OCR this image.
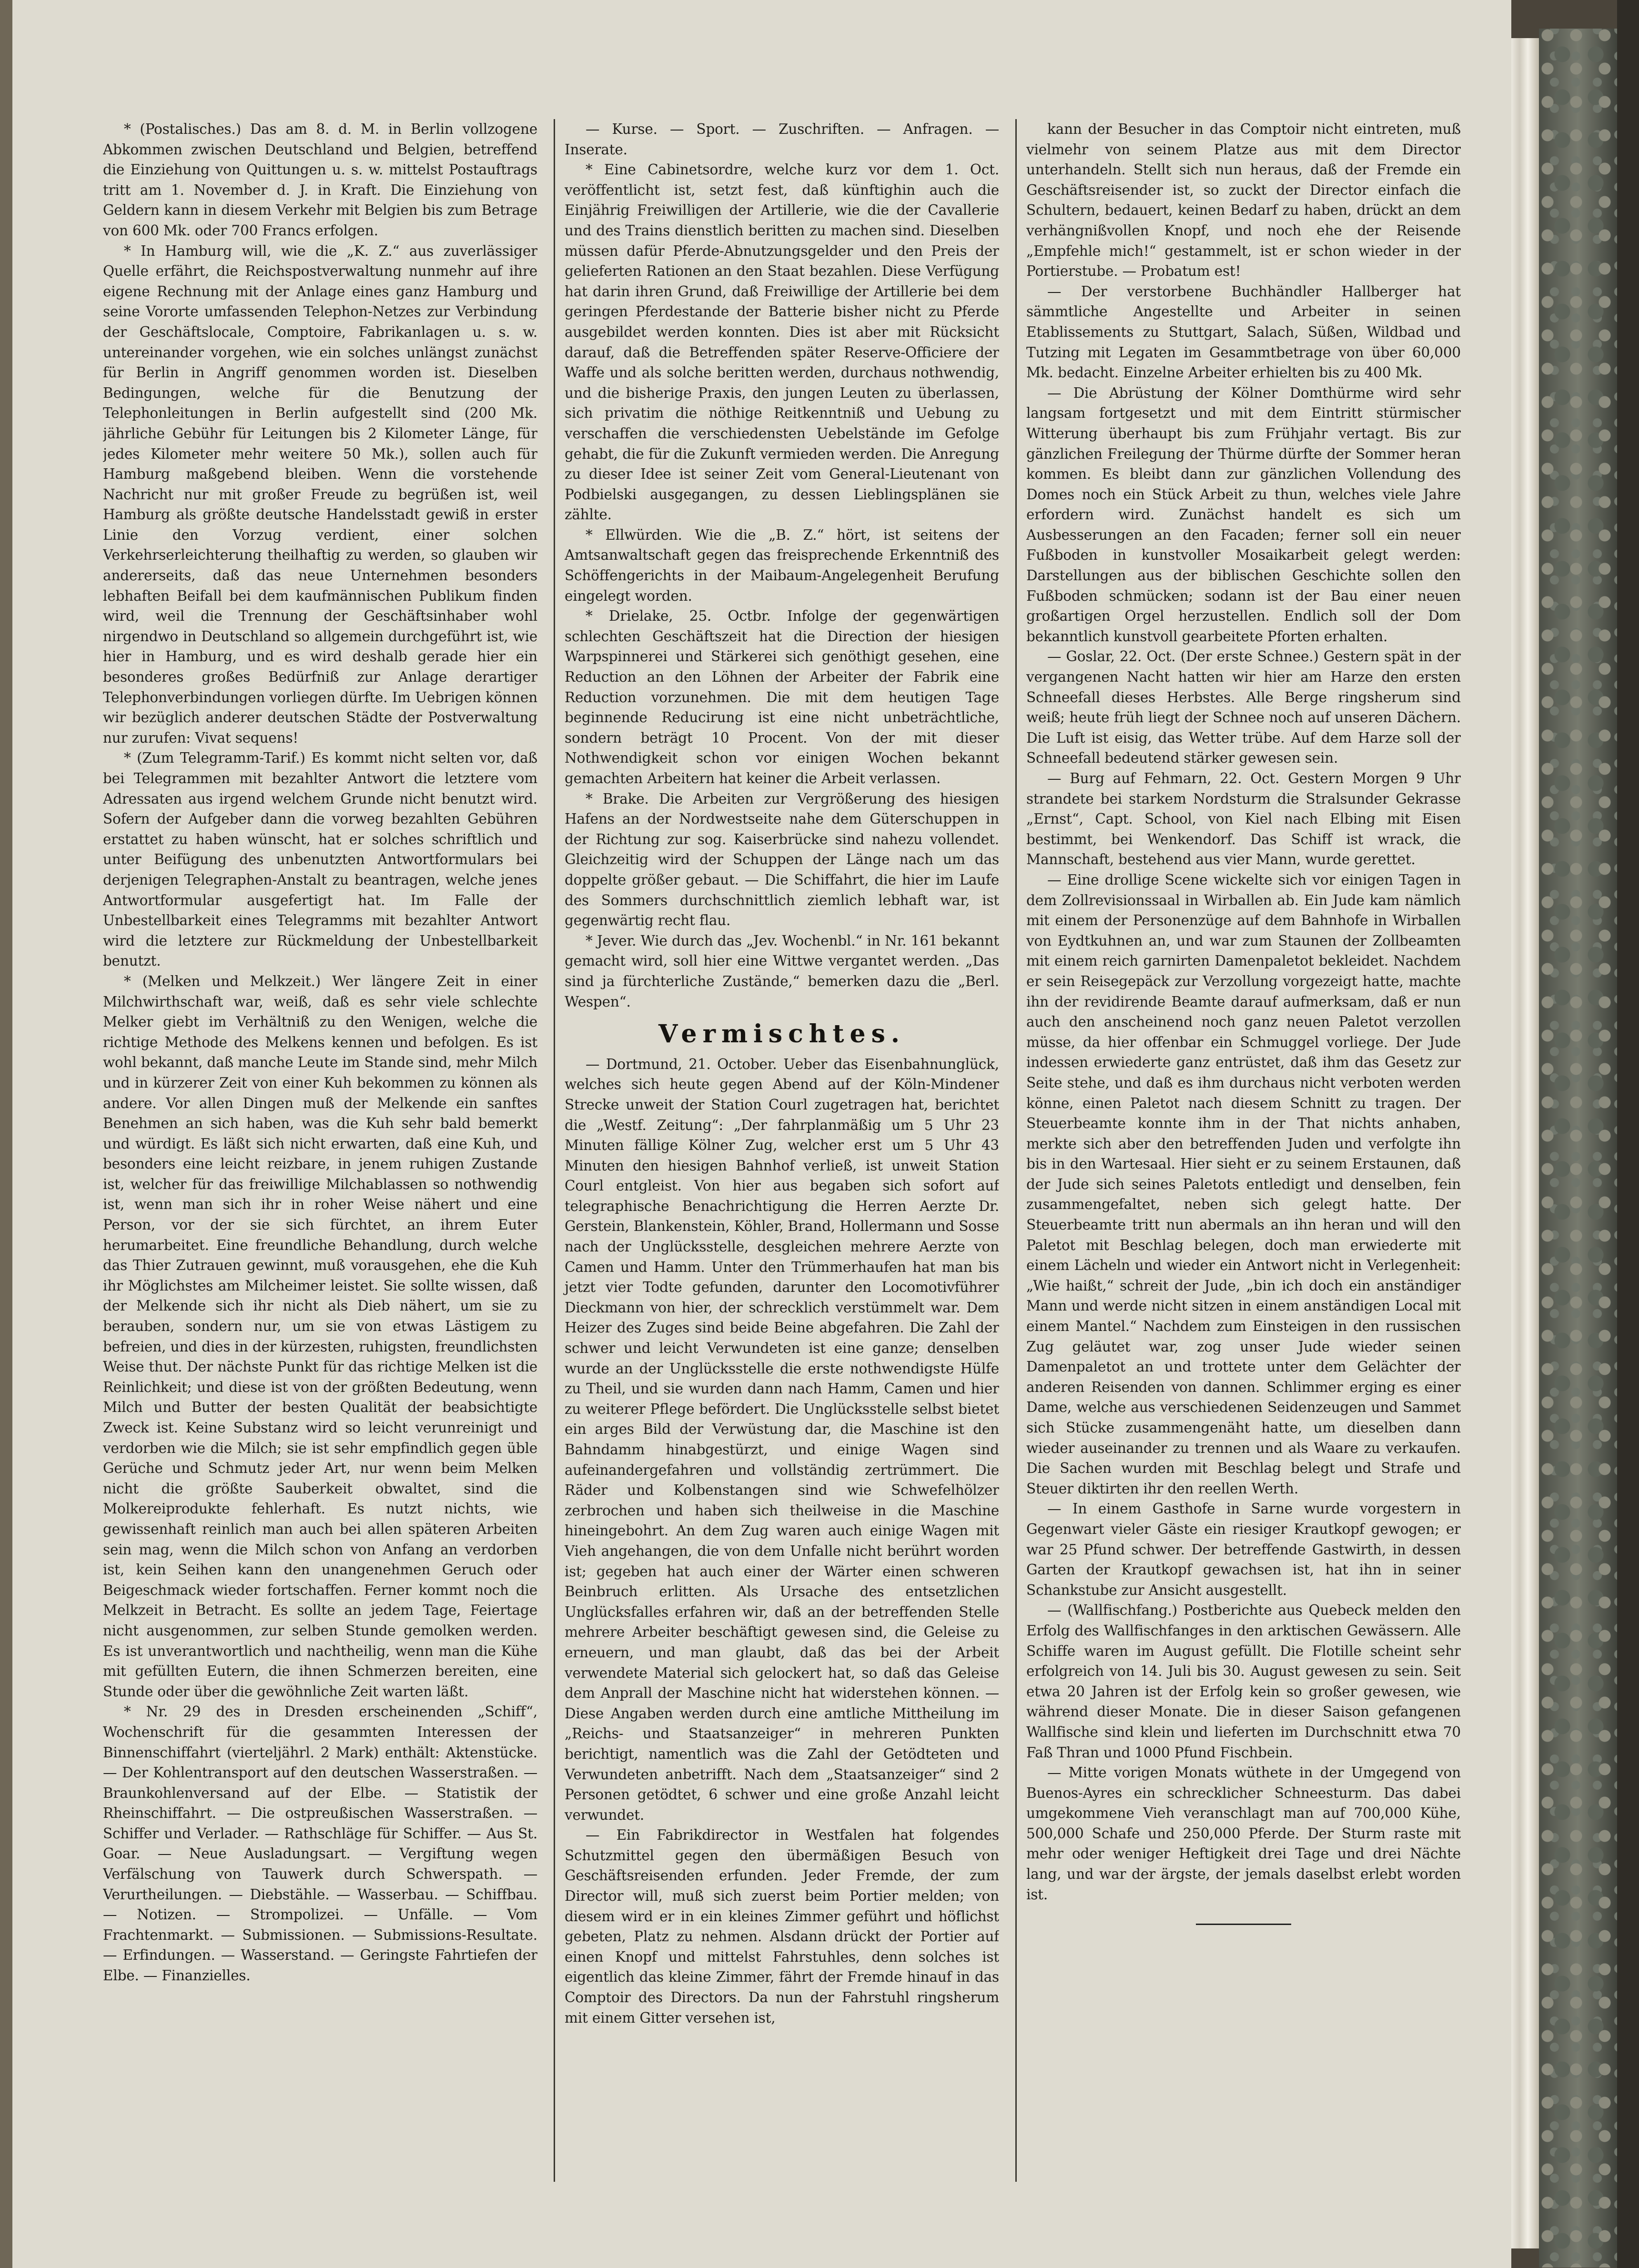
* (Postalisches.) Das am 8. d. M. in Berlin vollzogene Abkommen zwischen Deutschland und Belgien, betreffend die Einziehung von Quittungen u. s. w. mittelst Postauftrags tritt am 1. November d. J. in Kraft. Die Einziehung von Geldern kann in diesem Verkehr mit Belgien bis zum Betrage von 600 Mk. oder 700 Francs erfolgen.

* In Hamburg will, wie die „K. Z.“ aus zuverlässiger Quelle erfährt, die Reichspostverwaltung nunmehr auf ihre eigene Rechnung mit der Anlage eines ganz Hamburg und seine Vororte umfassenden Telephon-Netzes zur Verbindung der Geschäftslocale, Comptoire, Fabrikanlagen u. s. w. untereinander vorgehen, wie ein solches unlängst zunächst für Berlin in Angriff genommen worden ist. Dieselben Bedingungen, welche für die Benutzung der Telephonleitungen in Berlin aufgestellt sind (200 Mk. jährliche Gebühr für Leitungen bis 2 Kilometer Länge, für jedes Kilometer mehr weitere 50 Mk.), sollen auch für Hamburg maßgebend bleiben. Wenn die vorstehende Nachricht nur mit großer Freude zu begrüßen ist, weil Hamburg als größte deutsche Handelsstadt gewiß in erster Linie den Vorzug verdient, einer solchen Verkehrserleichterung theilhaftig zu werden, so glauben wir andererseits, daß das neue Unternehmen besonders lebhaften Beifall bei dem kaufmännischen Publikum finden wird, weil die Trennung der Geschäftsinhaber wohl nirgendwo in Deutschland so allgemein durchgeführt ist, wie hier in Hamburg, und es wird deshalb gerade hier ein besonderes großes Bedürfniß zur Anlage derartiger Telephonverbindungen vorliegen dürfte. Im Uebrigen können wir bezüglich anderer deutschen Städte der Postverwaltung nur zurufen: Vivat sequens!

* (Zum Telegramm-Tarif.) Es kommt nicht selten vor, daß bei Telegrammen mit bezahlter Antwort die letztere vom Adressaten aus irgend welchem Grunde nicht benutzt wird. Sofern der Aufgeber dann die vorweg bezahlten Gebühren erstattet zu haben wünscht, hat er solches schriftlich und unter Beifügung des unbenutzten Antwortformulars bei derjenigen Telegraphen-Anstalt zu beantragen, welche jenes Antwortformular ausgefertigt hat. Im Falle der Unbestellbarkeit eines Telegramms mit bezahlter Antwort wird die letztere zur Rückmeldung der Unbestellbarkeit benutzt.

* (Melken und Melkzeit.) Wer längere Zeit in einer Milchwirthschaft war, weiß, daß es sehr viele schlechte Melker giebt im Verhältniß zu den Wenigen, welche die richtige Methode des Melkens kennen und befolgen. Es ist wohl bekannt, daß manche Leute im Stande sind, mehr Milch und in kürzerer Zeit von einer Kuh bekommen zu können als andere. Vor allen Dingen muß der Melkende ein sanftes Benehmen an sich haben, was die Kuh sehr bald bemerkt und würdigt. Es läßt sich nicht erwarten, daß eine Kuh, und besonders eine leicht reizbare, in jenem ruhigen Zustande ist, welcher für das freiwillige Milchablassen so nothwendig ist, wenn man sich ihr in roher Weise nähert und eine Person, vor der sie sich fürchtet, an ihrem Euter herumarbeitet. Eine freundliche Behandlung, durch welche das Thier Zutrauen gewinnt, muß vorausgehen, ehe die Kuh ihr Möglichstes am Milcheimer leistet. Sie sollte wissen, daß der Melkende sich ihr nicht als Dieb nähert, um sie zu berauben, sondern nur, um sie von etwas Lästigem zu befreien, und dies in der kürzesten, ruhigsten, freundlichsten Weise thut. Der nächste Punkt für das richtige Melken ist die Reinlichkeit; und diese ist von der größten Bedeutung, wenn Milch und Butter der besten Qualität der beabsichtigte Zweck ist. Keine Substanz wird so leicht verunreinigt und verdorben wie die Milch; sie ist sehr empfindlich gegen üble Gerüche und Schmutz jeder Art, nur wenn beim Melken nicht die größte Sauberkeit obwaltet, sind die Molkereiprodukte fehlerhaft. Es nutzt nichts, wie gewissenhaft reinlich man auch bei allen späteren Arbeiten sein mag, wenn die Milch schon von Anfang an verdorben ist, kein Seihen kann den unangenehmen Geruch oder Beigeschmack wieder fortschaffen. Ferner kommt noch die Melkzeit in Betracht. Es sollte an jedem Tage, Feiertage nicht ausgenommen, zur selben Stunde gemolken werden. Es ist unverantwortlich und nachtheilig, wenn man die Kühe mit gefüllten Eutern, die ihnen Schmerzen bereiten, eine Stunde oder über die gewöhnliche Zeit warten läßt.

* Nr. 29 des in Dresden erscheinenden „Schiff“, Wochenschrift für die gesammten Interessen der Binnenschiffahrt (vierteljährl. 2 Mark) enthält: Aktenstücke. — Der Kohlentransport auf den deutschen Wasserstraßen. — Braunkohlenversand auf der Elbe. — Statistik der Rheinschiffahrt. — Die ostpreußischen Wasserstraßen. — Schiffer und Verlader. — Rathschläge für Schiffer. — Aus St. Goar. — Neue Ausladungsart. — Vergiftung wegen Verfälschung von Tauwerk durch Schwerspath. — Verurtheilungen. — Diebstähle. — Wasserbau. — Schiffbau. — Notizen. — Strompolizei. — Unfälle. — Vom Frachtenmarkt. — Submissionen. — Submissions-Resultate. — Erfindungen. — Wasserstand. — Geringste Fahrtiefen der Elbe. — Finanzielles.

— Kurse. — Sport. — Zuschriften. — Anfragen. — Inserate.

* Eine Cabinetsordre, welche kurz vor dem 1. Oct. veröffentlicht ist, setzt fest, daß künftighin auch die Einjährig Freiwilligen der Artillerie, wie die der Cavallerie und des Trains dienstlich beritten zu machen sind. Dieselben müssen dafür Pferde-Abnutzungsgelder und den Preis der gelieferten Rationen an den Staat bezahlen. Diese Verfügung hat darin ihren Grund, daß Freiwillige der Artillerie bei dem geringen Pferdestande der Batterie bisher nicht zu Pferde ausgebildet werden konnten. Dies ist aber mit Rücksicht darauf, daß die Betreffenden später Reserve-Officiere der Waffe und als solche beritten werden, durchaus nothwendig, und die bisherige Praxis, den jungen Leuten zu überlassen, sich privatim die nöthige Reitkenntniß und Uebung zu verschaffen die verschiedensten Uebelstände im Gefolge gehabt, die für die Zukunft vermieden werden. Die Anregung zu dieser Idee ist seiner Zeit vom General-Lieutenant von Podbielski ausgegangen, zu dessen Lieblingsplänen sie zählte.

* Ellwürden. Wie die „B. Z.“ hört, ist seitens der Amtsanwaltschaft gegen das freisprechende Erkenntniß des Schöffengerichts in der Maibaum-Angelegenheit Berufung eingelegt worden.

* Drielake, 25. Octbr. Infolge der gegenwärtigen schlechten Geschäftszeit hat die Direction der hiesigen Warpspinnerei und Stärkerei sich genöthigt gesehen, eine Reduction an den Löhnen der Arbeiter der Fabrik eine Reduction vorzunehmen. Die mit dem heutigen Tage beginnende Reducirung ist eine nicht unbeträchtliche, sondern beträgt 10 Procent. Von der mit dieser Nothwendigkeit schon vor einigen Wochen bekannt gemachten Arbeitern hat keiner die Arbeit verlassen.

* Brake. Die Arbeiten zur Vergrößerung des hiesigen Hafens an der Nordwestseite nahe dem Güterschuppen in der Richtung zur sog. Kaiserbrücke sind nahezu vollendet. Gleichzeitig wird der Schuppen der Länge nach um das doppelte größer gebaut. — Die Schiffahrt, die hier im Laufe des Sommers durchschnittlich ziemlich lebhaft war, ist gegenwärtig recht flau.

* Jever. Wie durch das „Jev. Wochenbl.“ in Nr. 161 bekannt gemacht wird, soll hier eine Wittwe vergantet werden. „Das sind ja fürchterliche Zustände,“ bemerken dazu die „Berl. Wespen“.

Vermischtes.

— Dortmund, 21. October. Ueber das Eisenbahnunglück, welches sich heute gegen Abend auf der Köln-Mindener Strecke unweit der Station Courl zugetragen hat, berichtet die „Westf. Zeitung“: „Der fahrplanmäßig um 5 Uhr 23 Minuten fällige Kölner Zug, welcher erst um 5 Uhr 43 Minuten den hiesigen Bahnhof verließ, ist unweit Station Courl entgleist. Von hier aus begaben sich sofort auf telegraphische Benachrichtigung die Herren Aerzte Dr. Gerstein, Blankenstein, Köhler, Brand, Hollermann und Sosse nach der Unglücksstelle, desgleichen mehrere Aerzte von Camen und Hamm. Unter den Trümmerhaufen hat man bis jetzt vier Todte gefunden, darunter den Locomotivführer Dieckmann von hier, der schrecklich verstümmelt war. Dem Heizer des Zuges sind beide Beine abgefahren. Die Zahl der schwer und leicht Verwundeten ist eine ganze; denselben wurde an der Unglücksstelle die erste nothwendigste Hülfe zu Theil, und sie wurden dann nach Hamm, Camen und hier zu weiterer Pflege befördert. Die Unglücksstelle selbst bietet ein arges Bild der Verwüstung dar, die Maschine ist den Bahndamm hinabgestürzt, und einige Wagen sind aufeinandergefahren und vollständig zertrümmert. Die Räder und Kolbenstangen sind wie Schwefelhölzer zerbrochen und haben sich theilweise in die Maschine hineingebohrt. An dem Zug waren auch einige Wagen mit Vieh angehangen, die von dem Unfalle nicht berührt worden ist; gegeben hat auch einer der Wärter einen schweren Beinbruch erlitten. Als Ursache des entsetzlichen Unglücksfalles erfahren wir, daß an der betreffenden Stelle mehrere Arbeiter beschäftigt gewesen sind, die Geleise zu erneuern, und man glaubt, daß das bei der Arbeit verwendete Material sich gelockert hat, so daß das Geleise dem Anprall der Maschine nicht hat widerstehen können. — Diese Angaben werden durch eine amtliche Mittheilung im „Reichs- und Staatsanzeiger“ in mehreren Punkten berichtigt, namentlich was die Zahl der Getödteten und Verwundeten anbetrifft. Nach dem „Staatsanzeiger“ sind 2 Personen getödtet, 6 schwer und eine große Anzahl leicht verwundet.

— Ein Fabrikdirector in Westfalen hat folgendes Schutzmittel gegen den übermäßigen Besuch von Geschäftsreisenden erfunden. Jeder Fremde, der zum Director will, muß sich zuerst beim Portier melden; von diesem wird er in ein kleines Zimmer geführt und höflichst gebeten, Platz zu nehmen. Alsdann drückt der Portier auf einen Knopf und mittelst Fahrstuhles, denn solches ist eigentlich das kleine Zimmer, fährt der Fremde hinauf in das Comptoir des Directors. Da nun der Fahrstuhl ringsherum mit einem Gitter versehen ist,

kann der Besucher in das Comptoir nicht eintreten, muß vielmehr von seinem Platze aus mit dem Director unterhandeln. Stellt sich nun heraus, daß der Fremde ein Geschäftsreisender ist, so zuckt der Director einfach die Schultern, bedauert, keinen Bedarf zu haben, drückt an dem verhängnißvollen Knopf, und noch ehe der Reisende „Empfehle mich!“ gestammelt, ist er schon wieder in der Portierstube. — Probatum est!

— Der verstorbene Buchhändler Hallberger hat sämmtliche Angestellte und Arbeiter in seinen Etablissements zu Stuttgart, Salach, Süßen, Wildbad und Tutzing mit Legaten im Gesammtbetrage von über 60,000 Mk. bedacht. Einzelne Arbeiter erhielten bis zu 400 Mk.

— Die Abrüstung der Kölner Domthürme wird sehr langsam fortgesetzt und mit dem Eintritt stürmischer Witterung überhaupt bis zum Frühjahr vertagt. Bis zur gänzlichen Freilegung der Thürme dürfte der Sommer heran kommen. Es bleibt dann zur gänzlichen Vollendung des Domes noch ein Stück Arbeit zu thun, welches viele Jahre erfordern wird. Zunächst handelt es sich um Ausbesserungen an den Facaden; ferner soll ein neuer Fußboden in kunstvoller Mosaikarbeit gelegt werden: Darstellungen aus der biblischen Geschichte sollen den Fußboden schmücken; sodann ist der Bau einer neuen großartigen Orgel herzustellen. Endlich soll der Dom bekanntlich kunstvoll gearbeitete Pforten erhalten.

— Goslar, 22. Oct. (Der erste Schnee.) Gestern spät in der vergangenen Nacht hatten wir hier am Harze den ersten Schneefall dieses Herbstes. Alle Berge ringsherum sind weiß; heute früh liegt der Schnee noch auf unseren Dächern. Die Luft ist eisig, das Wetter trübe. Auf dem Harze soll der Schneefall bedeutend stärker gewesen sein.

— Burg auf Fehmarn, 22. Oct. Gestern Morgen 9 Uhr strandete bei starkem Nordsturm die Stralsunder Gekrasse „Ernst“, Capt. School, von Kiel nach Elbing mit Eisen bestimmt, bei Wenkendorf. Das Schiff ist wrack, die Mannschaft, bestehend aus vier Mann, wurde gerettet.

— Eine drollige Scene wickelte sich vor einigen Tagen in dem Zollrevisionssaal in Wirballen ab. Ein Jude kam nämlich mit einem der Personenzüge auf dem Bahnhofe in Wirballen von Eydtkuhnen an, und war zum Staunen der Zollbeamten mit einem reich garnirten Damenpaletot bekleidet. Nachdem er sein Reisegepäck zur Verzollung vorgezeigt hatte, machte ihn der revidirende Beamte darauf aufmerksam, daß er nun auch den anscheinend noch ganz neuen Paletot verzollen müsse, da hier offenbar ein Schmuggel vorliege. Der Jude indessen erwiederte ganz entrüstet, daß ihm das Gesetz zur Seite stehe, und daß es ihm durchaus nicht verboten werden könne, einen Paletot nach diesem Schnitt zu tragen. Der Steuerbeamte konnte ihm in der That nichts anhaben, merkte sich aber den betreffenden Juden und verfolgte ihn bis in den Wartesaal. Hier sieht er zu seinem Erstaunen, daß der Jude sich seines Paletots entledigt und denselben, fein zusammengefaltet, neben sich gelegt hatte. Der Steuerbeamte tritt nun abermals an ihn heran und will den Paletot mit Beschlag belegen, doch man erwiederte mit einem Lächeln und wieder ein Antwort nicht in Verlegenheit: „Wie haißt,“ schreit der Jude, „bin ich doch ein anständiger Mann und werde nicht sitzen in einem anständigen Local mit einem Mantel.“ Nachdem zum Einsteigen in den russischen Zug geläutet war, zog unser Jude wieder seinen Damenpaletot an und trottete unter dem Gelächter der anderen Reisenden von dannen. Schlimmer erging es einer Dame, welche aus verschiedenen Seidenzeugen und Sammet sich Stücke zusammengenäht hatte, um dieselben dann wieder auseinander zu trennen und als Waare zu verkaufen. Die Sachen wurden mit Beschlag belegt und Strafe und Steuer diktirten ihr den reellen Werth.

— In einem Gasthofe in Sarne wurde vorgestern in Gegenwart vieler Gäste ein riesiger Krautkopf gewogen; er war 25 Pfund schwer. Der betreffende Gastwirth, in dessen Garten der Krautkopf gewachsen ist, hat ihn in seiner Schankstube zur Ansicht ausgestellt.

— (Wallfischfang.) Postberichte aus Quebeck melden den Erfolg des Wallfischfanges in den arktischen Gewässern. Alle Schiffe waren im August gefüllt. Die Flotille scheint sehr erfolgreich von 14. Juli bis 30. August gewesen zu sein. Seit etwa 20 Jahren ist der Erfolg kein so großer gewesen, wie während dieser Monate. Die in dieser Saison gefangenen Wallfische sind klein und lieferten im Durchschnitt etwa 70 Faß Thran und 1000 Pfund Fischbein.

— Mitte vorigen Monats wüthete in der Umgegend von Buenos-Ayres ein schrecklicher Schneesturm. Das dabei umgekommene Vieh veranschlagt man auf 700,000 Kühe, 500,000 Schafe und 250,000 Pferde. Der Sturm raste mit mehr oder weniger Heftigkeit drei Tage und drei Nächte lang, und war der ärgste, der jemals daselbst erlebt worden ist.
